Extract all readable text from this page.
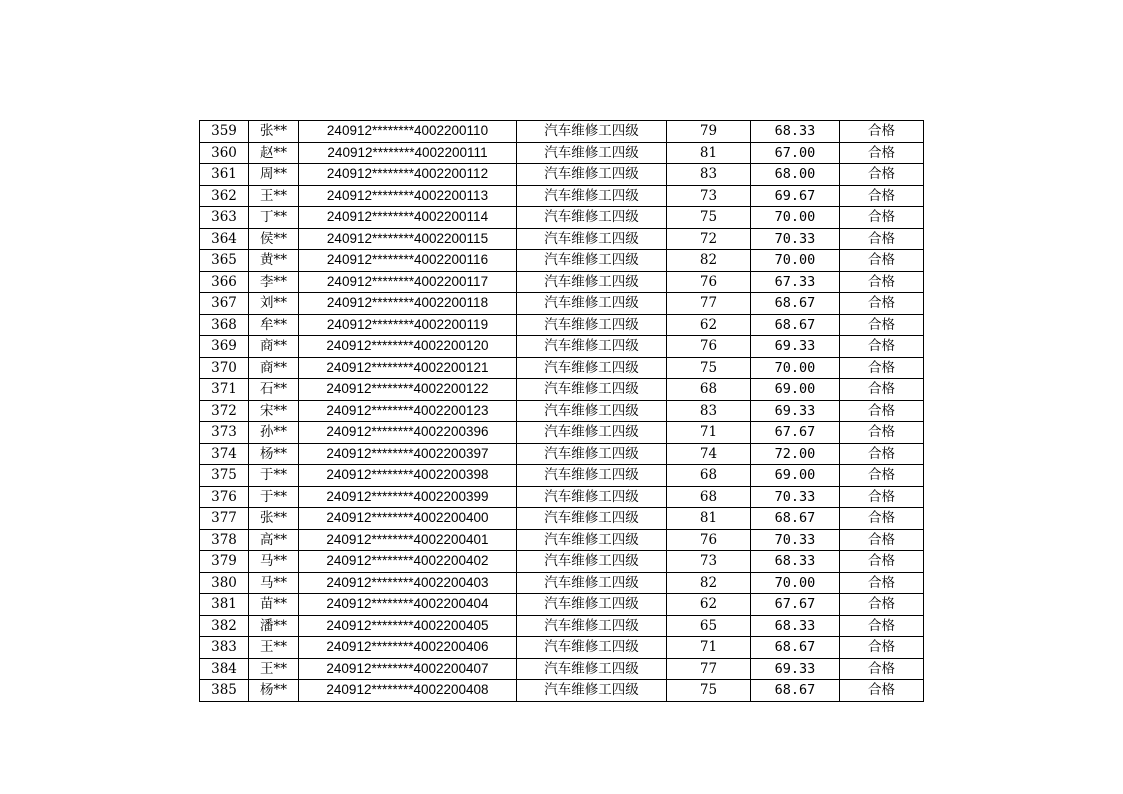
359	张**	240912********4002200110	汽车维修工四级	79	68.33	合格
360	赵**	240912********4002200111	汽车维修工四级	81	67.00	合格
361	周**	240912********4002200112	汽车维修工四级	83	68.00	合格
362	王**	240912********4002200113	汽车维修工四级	73	69.67	合格
363	丁**	240912********4002200114	汽车维修工四级	75	70.00	合格
364	侯**	240912********4002200115	汽车维修工四级	72	70.33	合格
365	黄**	240912********4002200116	汽车维修工四级	82	70.00	合格
366	李**	240912********4002200117	汽车维修工四级	76	67.33	合格
367	刘**	240912********4002200118	汽车维修工四级	77	68.67	合格
368	牟**	240912********4002200119	汽车维修工四级	62	68.67	合格
369	商**	240912********4002200120	汽车维修工四级	76	69.33	合格
370	商**	240912********4002200121	汽车维修工四级	75	70.00	合格
371	石**	240912********4002200122	汽车维修工四级	68	69.00	合格
372	宋**	240912********4002200123	汽车维修工四级	83	69.33	合格
373	孙**	240912********4002200396	汽车维修工四级	71	67.67	合格
374	杨**	240912********4002200397	汽车维修工四级	74	72.00	合格
375	于**	240912********4002200398	汽车维修工四级	68	69.00	合格
376	于**	240912********4002200399	汽车维修工四级	68	70.33	合格
377	张**	240912********4002200400	汽车维修工四级	81	68.67	合格
378	高**	240912********4002200401	汽车维修工四级	76	70.33	合格
379	马**	240912********4002200402	汽车维修工四级	73	68.33	合格
380	马**	240912********4002200403	汽车维修工四级	82	70.00	合格
381	苗**	240912********4002200404	汽车维修工四级	62	67.67	合格
382	潘**	240912********4002200405	汽车维修工四级	65	68.33	合格
383	王**	240912********4002200406	汽车维修工四级	71	68.67	合格
384	王**	240912********4002200407	汽车维修工四级	77	69.33	合格
385	杨**	240912********4002200408	汽车维修工四级	75	68.67	合格
